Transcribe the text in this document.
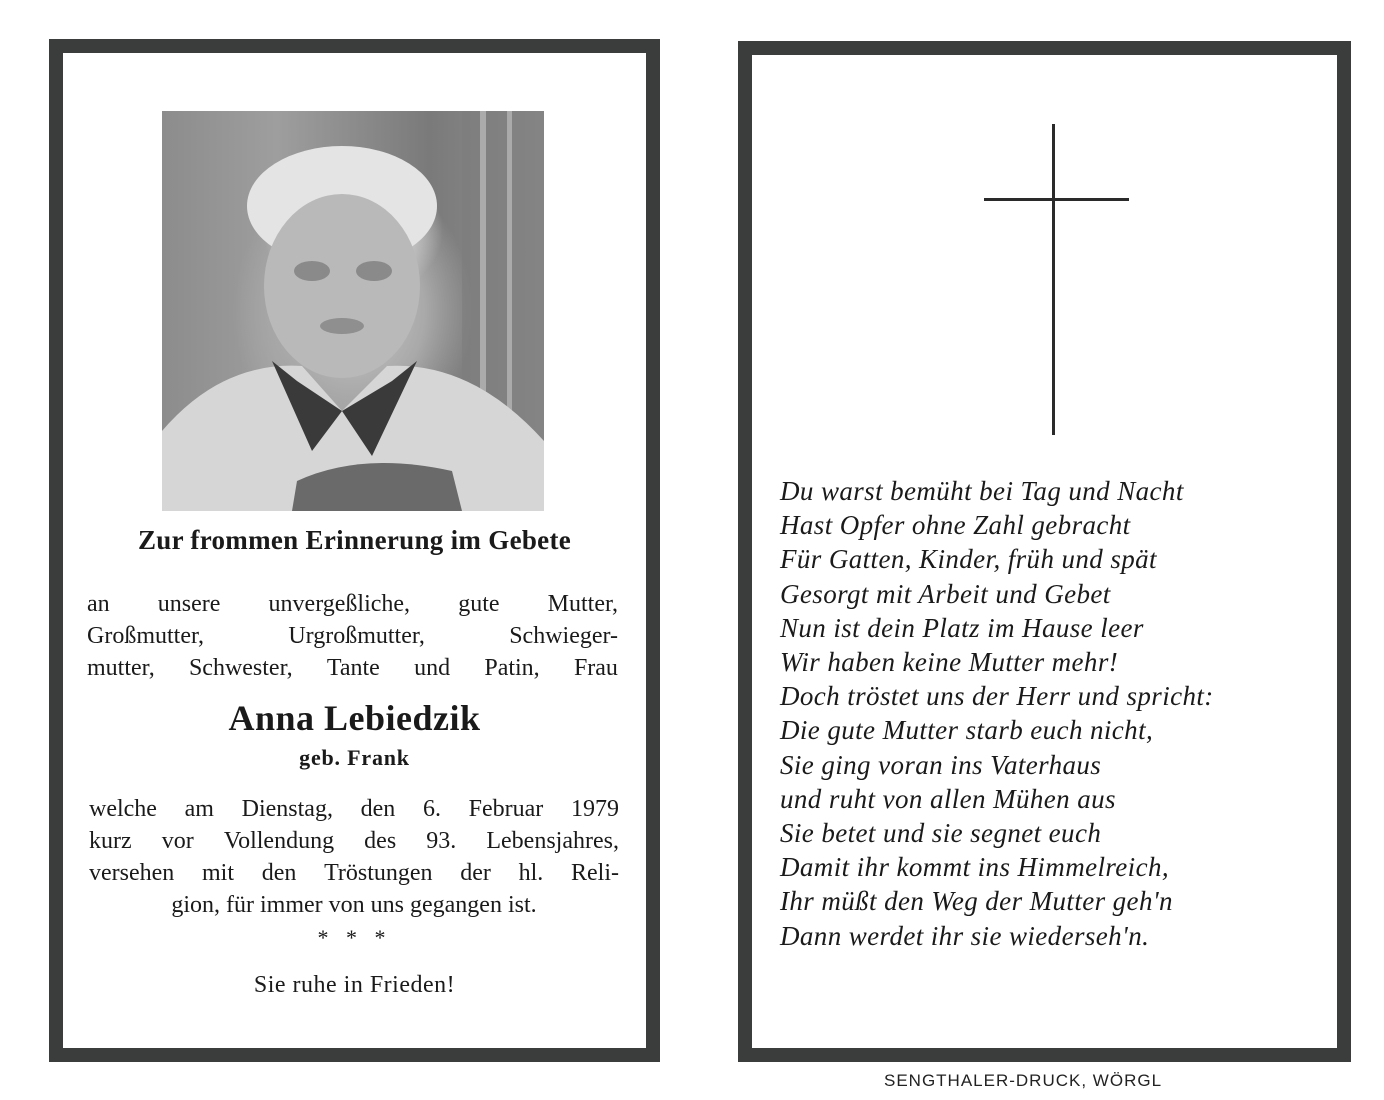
Zur frommen Erinnerung im Gebete
an unsere unvergeßliche, gute Mutter,
Großmutter,	Urgroßmutter,	Schwieger-
mutter, Schwester, Tante und Patin, Frau
Anna Lebiedzik
geb. Frank
welche am Dienstag, den 6. Februar 1979
kurz vor Vollendung des 93. Lebensjahres,
versehen mit den Tröstungen der hl. Reli-
gion, für immer von uns gegangen ist.
* * *
Sie ruhe in Frieden!
Du warst bemüht bei Tag und Nacht
Hast Opfer ohne Zahl gebracht
Für Gatten, Kinder, früh und spät
Gesorgt mit Arbeit und Gebet
Nun ist dein Platz im Hause leer
Wir haben keine Mutter mehr!
Doch tröstet uns der Herr und spricht:
Die gute Mutter starb euch nicht,
Sie ging voran ins Vaterhaus
und ruht von allen Mühen aus
Sie betet und sie segnet euch
Damit ihr kommt ins Himmelreich,
Ihr müßt den Weg der Mutter geh'n
Dann werdet ihr sie wiederseh'n.
SENGTHALER-DRUCK, WÖRGL
